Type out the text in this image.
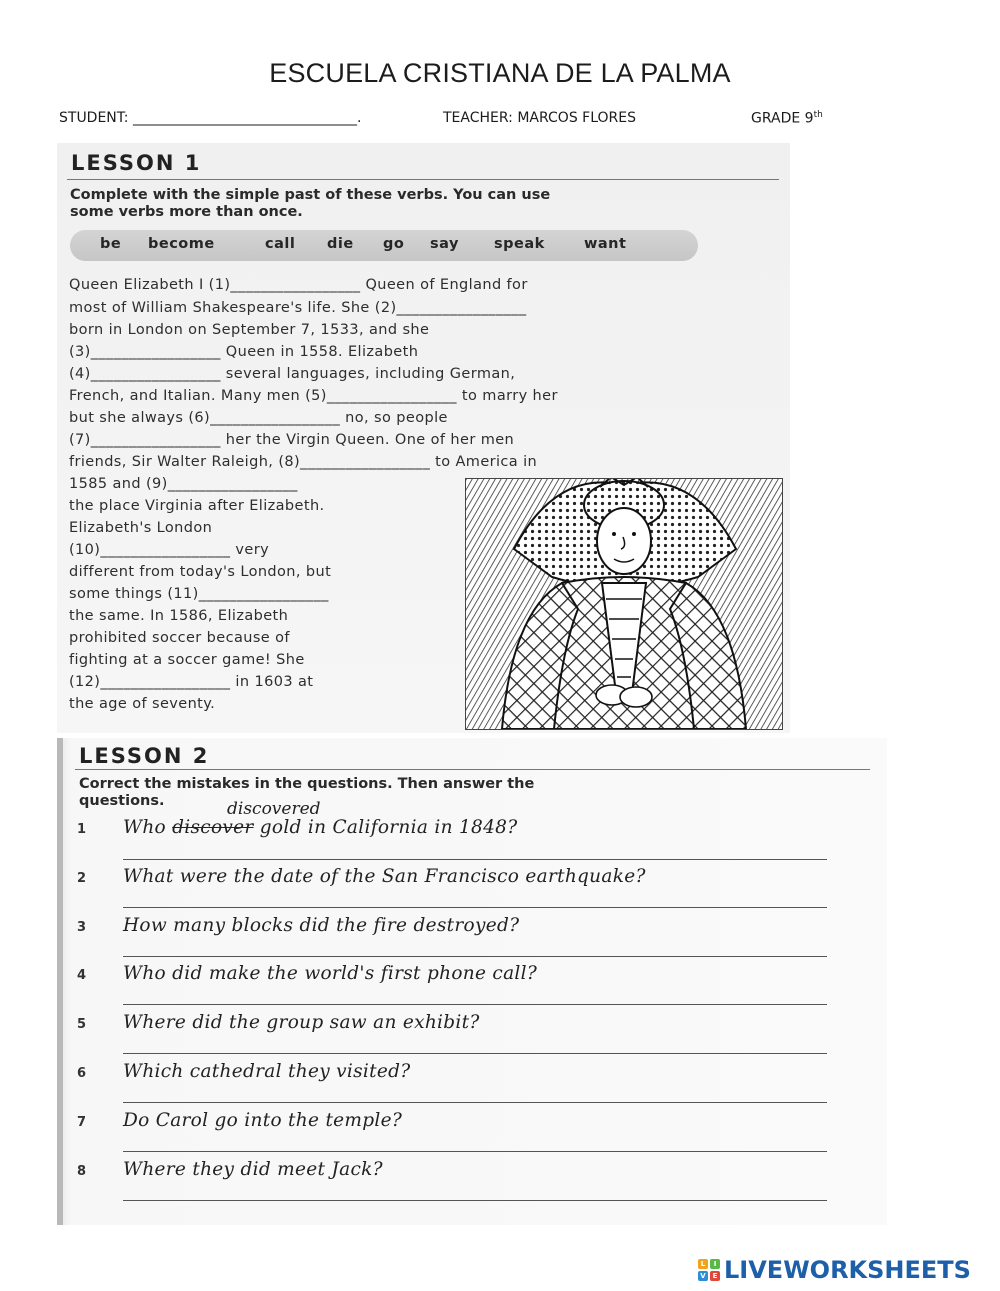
ESCUELA CRISTIANA DE LA PALMA
STUDENT: ________________________________.	TEACHER: MARCOS FLORES	GRADE 9th
LESSON 1
Complete with the simple past of these verbs. You can use
some verbs more than once.
be become	call die go say speak	want
Queen Elizabeth I (1)_________________ Queen of England for
most of William Shakespeare's life. She (2)_________________
born in London on September 7, 1533, and she
(3)_________________ Queen in 1558. Elizabeth
(4)_________________ several languages, including German,
French, and Italian. Many men (5)_________________ to marry her
but she always (6)_________________ no, so people
(7)_________________ her the Virgin Queen. One of her men
friends, Sir Walter Raleigh, (8)_________________ to America in
1585 and (9)_________________
the place Virginia after Elizabeth.
Elizabeth's London
(10)_________________ very
different from today's London, but
some things (11)_________________
the same. In 1586, Elizabeth
prohibited soccer because of
fighting at a soccer game! She
(12)_________________ in 1603 at
the age of seventy.
LESSON 2
Correct the mistakes in the questions. Then answer the
questions.	discovered
1 Who discover gold in California in 1848?
2 What were the date of the San Francisco earthquake?
3 How many blocks did the fire destroyed?
4 Who did make the world's first phone call?
5 Where did the group saw an exhibit?
6 Which cathedral they visited?
7 Do Carol go into the temple?
8 Where they did meet Jack?
L	I
V E LIVEWORKSHEETS
